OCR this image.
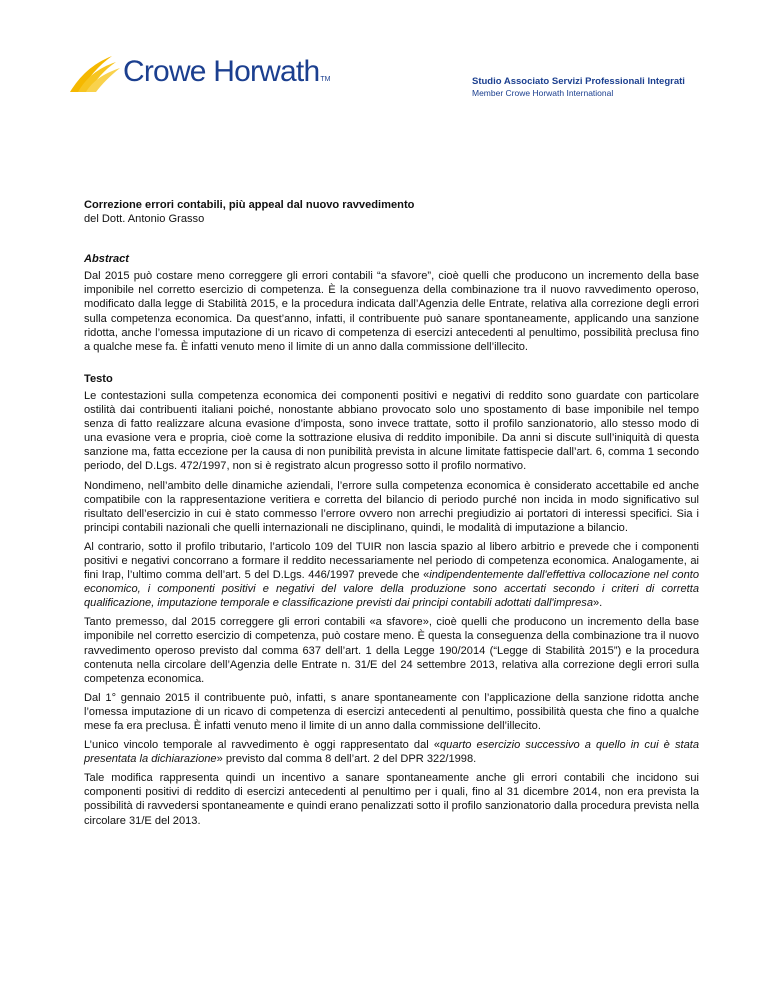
Crowe HorwathTM	Studio Associato Servizi Professionali Integrati
Member Crowe Horwath International
Correzione errori contabili, più appeal dal nuovo ravvedimento
del Dott. Antonio Grasso
Abstract

Dal 2015 può costare meno correggere gli errori contabili “a sfavore”, cioè quelli che producono un incremento della base imponibile nel corretto esercizio di competenza. È la conseguenza della combinazione tra il nuovo ravvedimento operoso, modificato dalla legge di Stabilità 2015, e la procedura indicata dall’Agenzia delle Entrate, relativa alla correzione degli errori sulla competenza economica. Da quest’anno, infatti, il contribuente può sanare spontaneamente, applicando una sanzione ridotta, anche l’omessa imputazione di un ricavo di competenza di esercizi antecedenti al penultimo, possibilità preclusa fino a qualche mese fa. È infatti venuto meno il limite di un anno dalla commissione dell’illecito.

Testo

Le contestazioni sulla competenza economica dei componenti positivi e negativi di reddito sono guardate con particolare ostilità dai contribuenti italiani poiché, nonostante abbiano provocato solo uno spostamento di base imponibile nel tempo senza di fatto realizzare alcuna evasione d’imposta, sono invece trattate, sotto il profilo sanzionatorio, allo stesso modo di una evasione vera e propria, cioè come la sottrazione elusiva di reddito imponibile. Da anni si discute sull’iniquità di questa sanzione ma, fatta eccezione per la causa di non punibilità prevista in alcune limitate fattispecie dall’art. 6, comma 1 secondo periodo, del D.Lgs. 472/1997, non si è registrato alcun progresso sotto il profilo normativo.

Nondimeno, nell’ambito delle dinamiche aziendali, l’errore sulla competenza economica è considerato accettabile ed anche compatibile con la rappresentazione veritiera e corretta del bilancio di periodo purché non incida in modo significativo sul risultato dell’esercizio in cui è stato commesso l’errore ovvero non arrechi pregiudizio ai portatori di interessi specifici. Sia i principi contabili nazionali che quelli internazionali ne disciplinano, quindi, le modalità di imputazione a bilancio.

Al contrario, sotto il profilo tributario, l’articolo 109 del TUIR non lascia spazio al libero arbitrio e prevede che i componenti positivi e negativi concorrano a formare il reddito necessariamente nel periodo di competenza economica. Analogamente, ai fini Irap, l’ultimo comma dell’art. 5 del D.Lgs. 446/1997 prevede che «indipendentemente dall'effettiva collocazione nel conto economico, i componenti positivi e negativi del valore della produzione sono accertati secondo i criteri di corretta qualificazione, imputazione temporale e classificazione previsti dai principi contabili adottati dall'impresa».

Tanto premesso, dal 2015 correggere gli errori contabili «a sfavore», cioè quelli che producono un incremento della base imponibile nel corretto esercizio di competenza, può costare meno. È questa la conseguenza della combinazione tra il nuovo ravvedimento operoso previsto dal comma 637 dell’art. 1 della Legge 190/2014 (“Legge di Stabilità 2015”) e la procedura contenuta nella circolare dell’Agenzia delle Entrate n. 31/E del 24 settembre 2013, relativa alla correzione degli errori sulla competenza economica.

Dal 1° gennaio 2015 il contribuente può, infatti, s anare spontaneamente con l’applicazione della sanzione ridotta anche l’omessa imputazione di un ricavo di competenza di esercizi antecedenti al penultimo, possibilità questa che fino a qualche mese fa era preclusa. È infatti venuto meno il limite di un anno dalla commissione dell’illecito.

L’unico vincolo temporale al ravvedimento è oggi rappresentato dal «quarto esercizio successivo a quello in cui è stata presentata la dichiarazione» previsto dal comma 8 dell’art. 2 del DPR 322/1998.

Tale modifica rappresenta quindi un incentivo a sanare spontaneamente anche gli errori contabili che incidono sui componenti positivi di reddito di esercizi antecedenti al penultimo per i quali, fino al 31 dicembre 2014, non era prevista la possibilità di ravvedersi spontaneamente e quindi erano penalizzati sotto il profilo sanzionatorio dalla procedura prevista nella circolare 31/E del 2013.
